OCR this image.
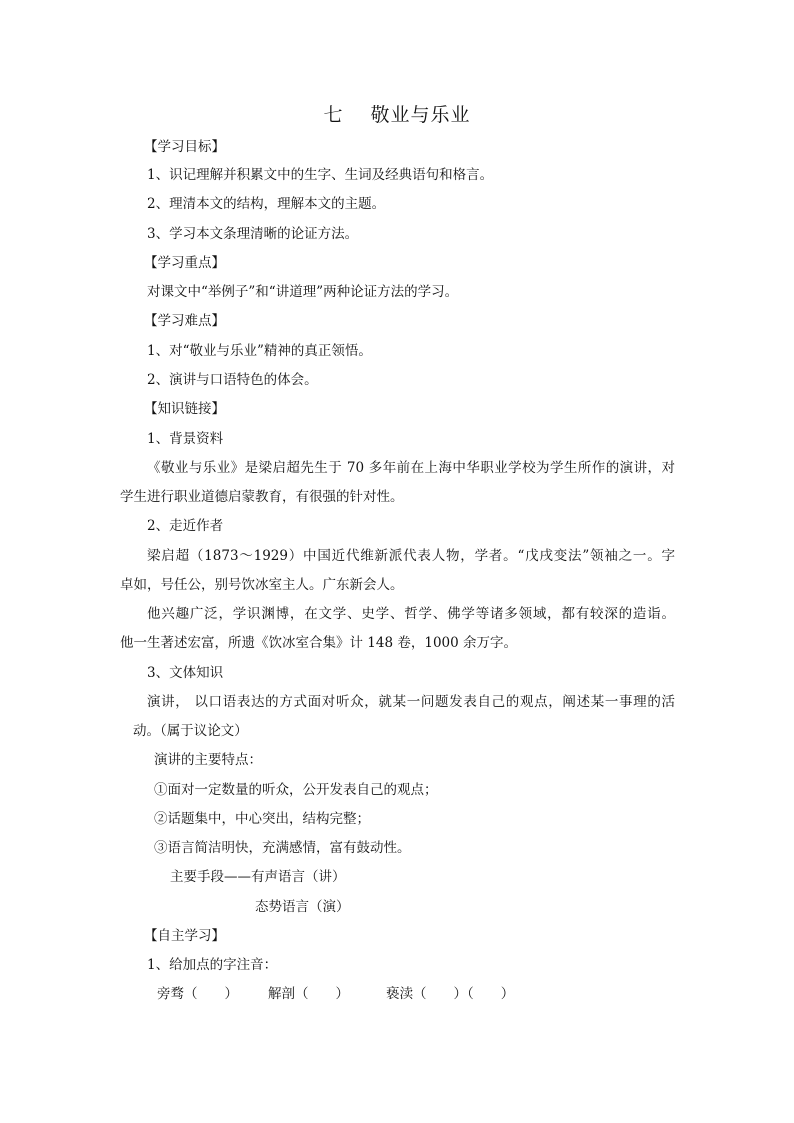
七　 敬业与乐业
【学习目标】
1、识记理解并积累文中的生字、生词及经典语句和格言。
2、理清本文的结构，理解本文的主题。
3、学习本文条理清晰的论证方法。
【学习重点】
对课文中“举例子”和“讲道理”两种论证方法的学习。
【学习难点】
1、对“敬业与乐业”精神的真正领悟。
2、演讲与口语特色的体会。
【知识链接】
1、背景资料
《敬业与乐业》是梁启超先生于 70 多年前在上海中华职业学校为学生所作的演讲，对
学生进行职业道德启蒙教育，有很强的针对性。
2、走近作者
梁启超（1873～1929）中国近代维新派代表人物，学者。“戊戌变法”领袖之一。字
卓如，号任公，别号饮冰室主人。广东新会人。
他兴趣广泛，学识渊博，在文学、史学、哲学、佛学等诸多领域，都有较深的造诣。
他一生著述宏富，所遗《饮冰室合集》计 148 卷，1000 余万字。
3、文体知识
演讲， 以口语表达的方式面对听众，就某一问题发表自己的观点，阐述某一事理的活
动。（属于议论文）
演讲的主要特点：
①面对一定数量的听众，公开发表自己的观点；
②话题集中，中心突出，结构完整；
③语言简洁明快，充满感情，富有鼓动性。
主要手段——有声语言（讲）
态势语言（演）
【自主学习】
1、给加点的字注音：
旁骛（　　） 解剖（　　）	亵渎（　　）（　　）
